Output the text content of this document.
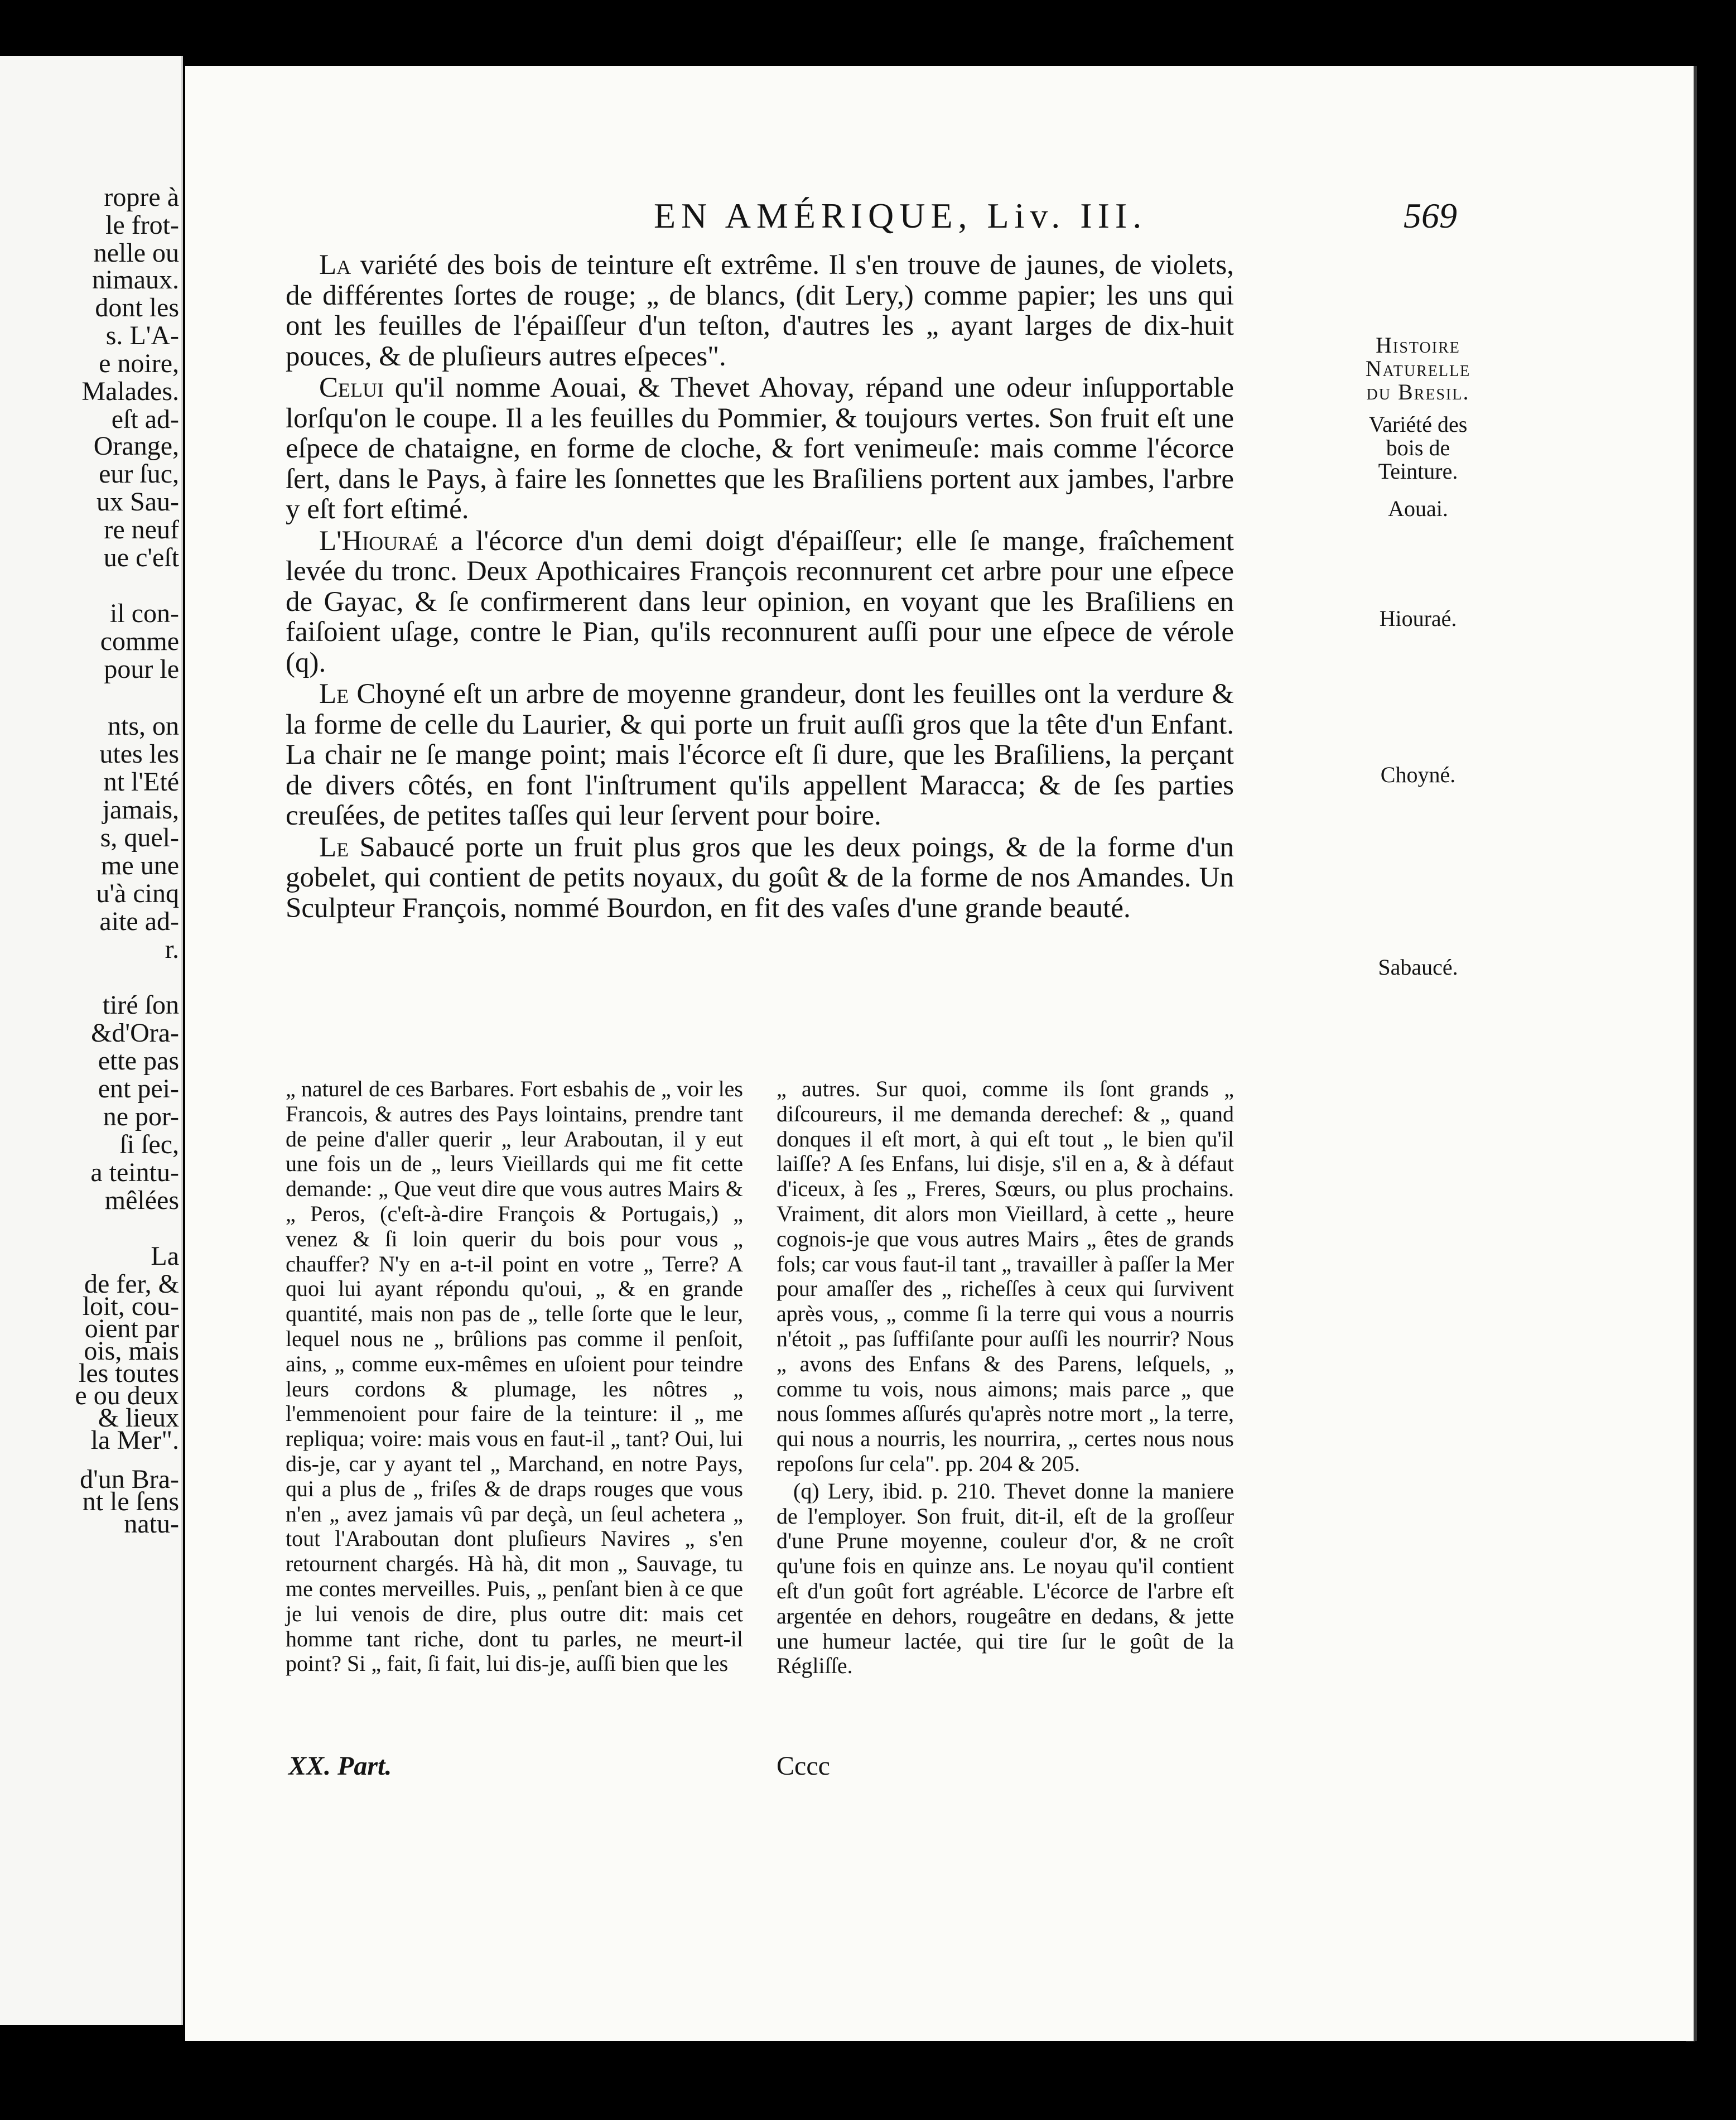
ropre à
le frot-
nelle ou
nimaux.
dont les
s. L'A-
e noire,
Malades.
eſt ad-
Orange,
eur ſuc,
ux Sau-
re neuf
ue c'eſt
il con-
comme
pour le
nts, on
utes les
nt l'Eté
jamais,
s, quel-
me une
u'à cinq
aite ad-
r.
tiré ſon
&d'Ora-
ette pas
ent pei-
ne por-
ſi ſec,
a teintu-
mêlées
La
de fer, &
loit, cou-
oient par
ois, mais
les toutes
e ou deux
& lieux
la Mer".
d'un Bra-
nt le ſens
natu-
EN AMÉRIQUE, Liv. III.	569

La variété des bois de teinture eſt extrême. Il s'en trouve de jaunes, de violets, de différentes ſortes de rouge; „ de blancs, (dit Lery,) comme papier; les uns qui ont les feuilles de l'épaiſſeur d'un teſton, d'autres les „ ayant larges de dix-huit pouces, & de pluſieurs autres eſpeces".

Celui qu'il nomme Aouai, & Thevet Ahovay, répand une odeur inſupportable lorſqu'on le coupe. Il a les feuilles du Pommier, & toujours vertes. Son fruit eſt une eſpece de chataigne, en forme de cloche, & fort venimeuſe: mais comme l'écorce ſert, dans le Pays, à faire les ſonnettes que les Braſiliens portent aux jambes, l'arbre y eſt fort eſtimé.

L'Hiouraé a l'écorce d'un demi doigt d'épaiſſeur; elle ſe mange, fraîchement levée du tronc. Deux Apothicaires François reconnurent cet arbre pour une eſpece de Gayac, & ſe confirmerent dans leur opinion, en voyant que les Braſiliens en faiſoient uſage, contre le Pian, qu'ils reconnurent auſſi pour une eſpece de vérole (q).

Le Choyné eſt un arbre de moyenne grandeur, dont les feuilles ont la verdure & la forme de celle du Laurier, & qui porte un fruit auſſi gros que la tête d'un Enfant. La chair ne ſe mange point; mais l'écorce eſt ſi dure, que les Braſiliens, la perçant de divers côtés, en font l'inſtrument qu'ils appellent Maracca; & de ſes parties creuſées, de petites taſſes qui leur ſervent pour boire.

Le Sabaucé porte un fruit plus gros que les deux poings, & de la forme d'un gobelet, qui contient de petits noyaux, du goût & de la forme de nos Amandes. Un Sculpteur François, nommé Bourdon, en fit des vaſes d'une grande beauté.

Histoire Naturelle du Bresil.
Variété des bois de Teinture.
Aouai.
Hiouraé.
Choyné.
Sabaucé.

„ naturel de ces Barbares. Fort esbahis de „ voir les Francois, & autres des Pays lointains, prendre tant de peine d'aller querir „ leur Araboutan, il y eut une fois un de „ leurs Vieillards qui me fit cette demande: „ Que veut dire que vous autres Mairs & „ Peros, (c'eſt-à-dire François & Portugais,) „ venez & ſi loin querir du bois pour vous „ chauffer? N'y en a-t-il point en votre „ Terre? A quoi lui ayant répondu qu'oui, „ & en grande quantité, mais non pas de „ telle ſorte que le leur, lequel nous ne „ brûlions pas comme il penſoit, ains, „ comme eux-mêmes en uſoient pour teindre leurs cordons & plumage, les nôtres „ l'emmenoient pour faire de la teinture: il „ me repliqua; voire: mais vous en faut-il „ tant? Oui, lui dis-je, car y ayant tel „ Marchand, en notre Pays, qui a plus de „ friſes & de draps rouges que vous n'en „ avez jamais vû par deçà, un ſeul achetera „ tout l'Araboutan dont pluſieurs Navires „ s'en retournent chargés. Hà hà, dit mon „ Sauvage, tu me contes merveilles. Puis, „ penſant bien à ce que je lui venois de dire, plus outre dit: mais cet homme tant riche, dont tu parles, ne meurt-il point? Si „ fait, ſi fait, lui dis-je, auſſi bien que les

„ autres. Sur quoi, comme ils ſont grands „ diſcoureurs, il me demanda derechef: & „ quand donques il eſt mort, à qui eſt tout „ le bien qu'il laiſſe? A ſes Enfans, lui disje, s'il en a, & à défaut d'iceux, à ſes „ Freres, Sœurs, ou plus prochains. Vraiment, dit alors mon Vieillard, à cette „ heure cognois-je que vous autres Mairs „ êtes de grands fols; car vous faut-il tant „ travailler à paſſer la Mer pour amaſſer des „ richeſſes à ceux qui ſurvivent après vous, „ comme ſi la terre qui vous a nourris n'étoit „ pas ſuffiſante pour auſſi les nourrir? Nous „ avons des Enfans & des Parens, leſquels, „ comme tu vois, nous aimons; mais parce „ que nous ſommes aſſurés qu'après notre mort „ la terre, qui nous a nourris, les nourrira, „ certes nous nous repoſons ſur cela". pp. 204 & 205.

(q) Lery, ibid. p. 210. Thevet donne la maniere de l'employer. Son fruit, dit-il, eſt de la groſſeur d'une Prune moyenne, couleur d'or, & ne croît qu'une fois en quinze ans. Le noyau qu'il contient eſt d'un goût fort agréable. L'écorce de l'arbre eſt argentée en dehors, rougeâtre en dedans, & jette une humeur lactée, qui tire ſur le goût de la Régliſſe.

XX. Part.	Cccc
